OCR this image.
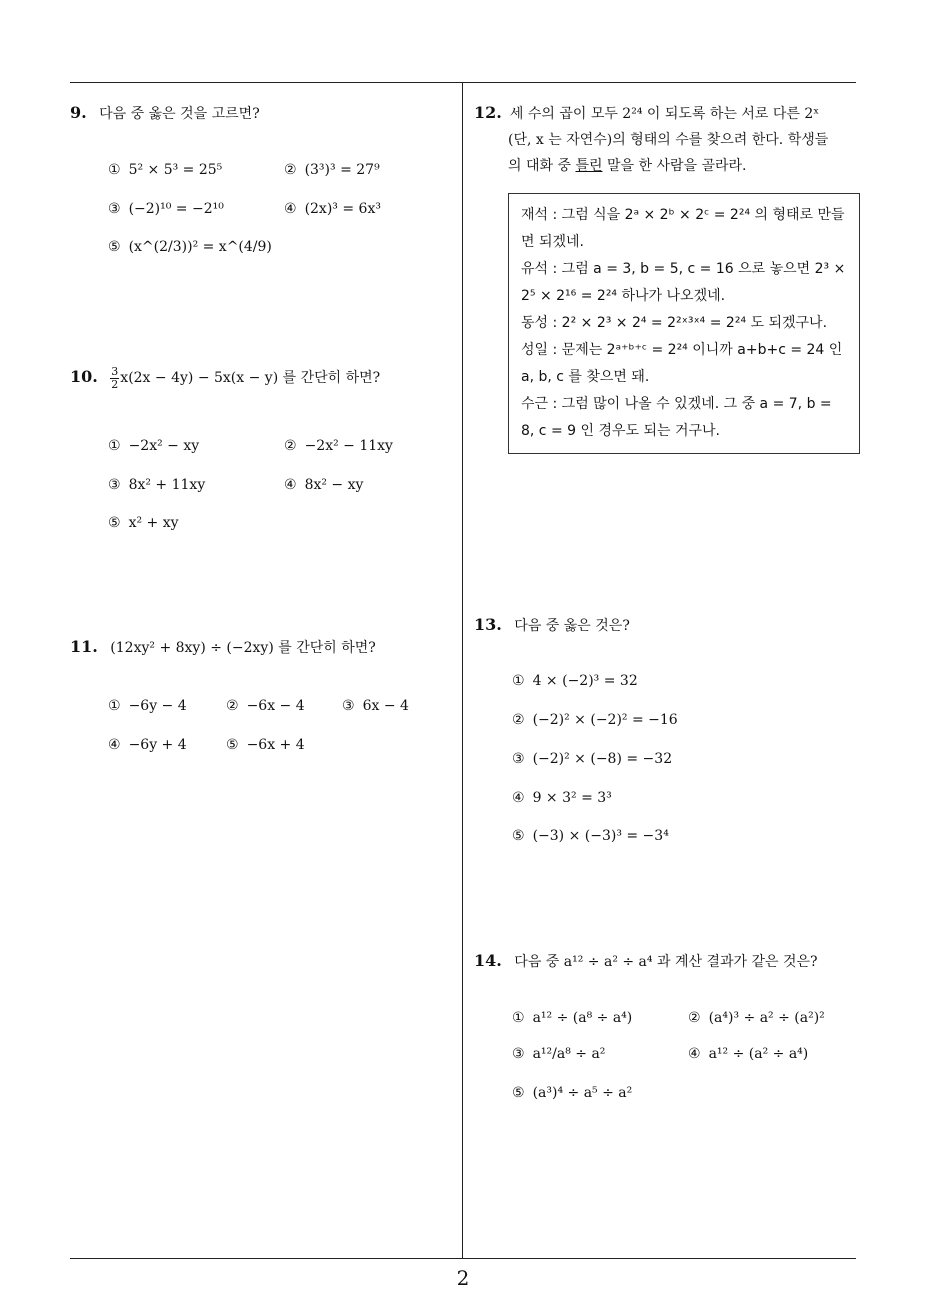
9. 다음 중 옳은 것을 고르면?
① 5² × 5³ = 25⁵	② (3³)³ = 27⁹
③ (−2)¹⁰ = −2¹⁰	④ (2x)³ = 6x³
⑤ (x^(2/3))² = x^(4/9)
10. $\frac{3}{2} x(2x - 4y) - 5x(x - y)$ 를 간단히 하면?
① −2x² − xy	② −2x² − 11xy
③ 8x² + 11xy	④ 8x² − xy
⑤ x² + xy
11. (12xy² + 8xy) ÷ (−2xy) 를 간단히 하면?
① −6y − 4	② −6x − 4	③ 6x − 4
④ −6y + 4	⑤ −6x + 4
12. 세 수의 곱이 모두 2²⁴ 이 되도록 하는 서로 다른 2ˣ
(단, x 는 자연수)의 형태의 수를 찾으려 한다. 학생들
의 대화 중 틀린 말을 한 사람을 골라라.

재석 : 그럼 식을 2ᵃ × 2ᵇ × 2ᶜ = 2²⁴ 의 형태로 만들면 되겠네.

유석 : 그럼 a = 3, b = 5, c = 16 으로 놓으면 2³ × 2⁵ × 2¹⁶ = 2²⁴ 하나가 나오겠네.

동성 : 2² × 2³ × 2⁴ = 2²ˣ³ˣ⁴ = 2²⁴ 도 되겠구나.

성일 : 문제는 2ᵃ⁺ᵇ⁺ᶜ = 2²⁴ 이니까 a+b+c = 24 인 a, b, c 를 찾으면 돼.

수근 : 그럼 많이 나올 수 있겠네. 그 중 a = 7, b = 8, c = 9 인 경우도 되는 거구나.

13. 다음 중 옳은 것은?
① 4 × (−2)³ = 32
② (−2)² × (−2)² = −16
③ (−2)² × (−8) = −32
④ 9 × 3² = 3³
⑤ (−3) × (−3)³ = −3⁴
14. 다음 중 a¹² ÷ a² ÷ a⁴ 과 계산 결과가 같은 것은?
① a¹² ÷ (a⁸ ÷ a⁴)	② (a⁴)³ ÷ a² ÷ (a²)²
③ a¹²/a⁸ ÷ a²	④ a¹² ÷ (a² ÷ a⁴)
⑤ (a³)⁴ ÷ a⁵ ÷ a²
2
